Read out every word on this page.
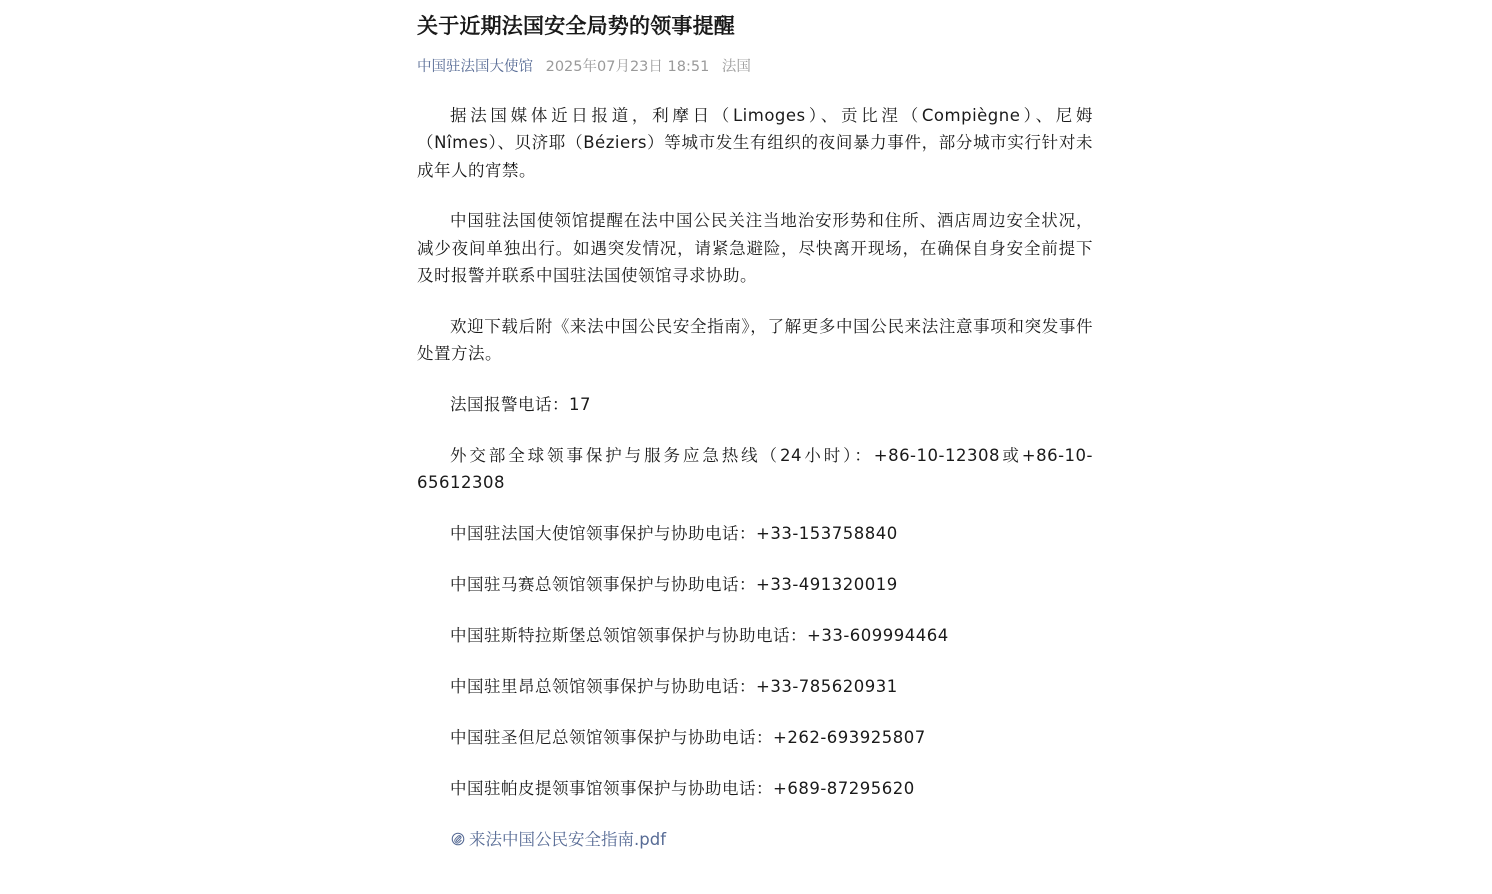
关于近期法国安全局势的领事提醒
中国驻法国大使馆 2025年07月23日 18:51 法国

据法国媒体近日报道，利摩日（Limoges）、贡比涅（Compiègne）、尼姆（Nîmes）、贝济耶（Béziers）等城市发生有组织的夜间暴力事件，部分城市实行针对未成年人的宵禁。

中国驻法国使领馆提醒在法中国公民关注当地治安形势和住所、酒店周边安全状况，减少夜间单独出行。如遇突发情况，请紧急避险，尽快离开现场，在确保自身安全前提下及时报警并联系中国驻法国使领馆寻求协助。

欢迎下载后附《来法中国公民安全指南》，了解更多中国公民来法注意事项和突发事件处置方法。

法国报警电话：17

外交部全球领事保护与服务应急热线（24小时）：+86-10-12308或+86-10-65612308

中国驻法国大使馆领事保护与协助电话：+33-153758840

中国驻马赛总领馆领事保护与协助电话：+33-491320019

中国驻斯特拉斯堡总领馆领事保护与协助电话：+33-609994464

中国驻里昂总领馆领事保护与协助电话：+33-785620931

中国驻圣但尼总领馆领事保护与协助电话：+262-693925807

中国驻帕皮提领事馆领事保护与协助电话：+689-87295620

来法中国公民安全指南.pdf
